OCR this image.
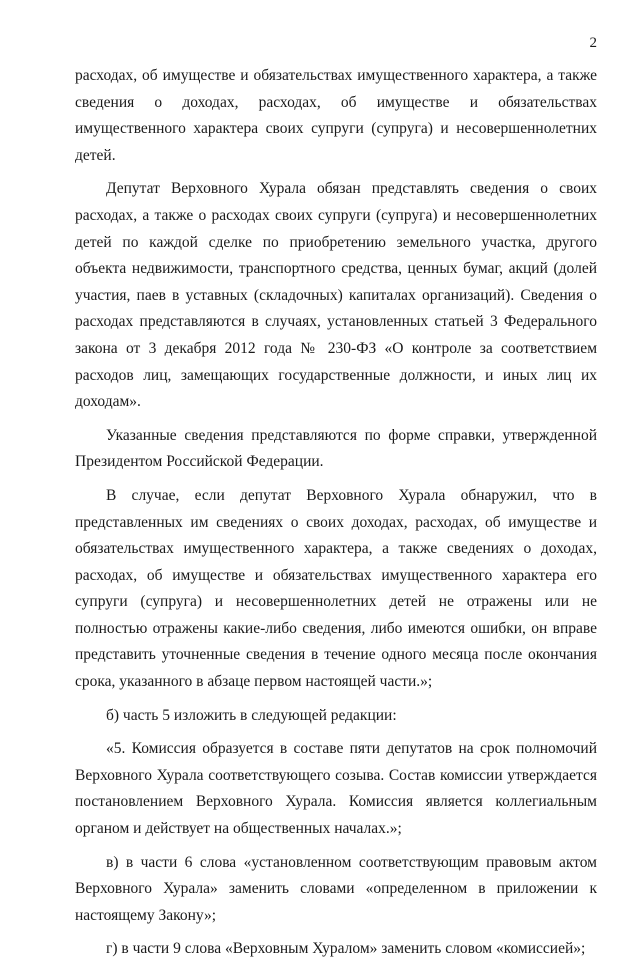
2

расходах, об имуществе и обязательствах имущественного характера, а также сведения о доходах, расходах, об имуществе и обязательствах имущественного характера своих супруги (супруга) и несовершеннолетних детей.

Депутат Верховного Хурала обязан представлять сведения о своих расходах, а также о расходах своих супруги (супруга) и несовершеннолетних детей по каждой сделке по приобретению земельного участка, другого объекта недвижимости, транспортного средства, ценных бумаг, акций (долей участия, паев в уставных (складочных) капиталах организаций). Сведения о расходах представляются в случаях, установленных статьей 3 Федерального закона от 3 декабря 2012 года № 230-ФЗ «О контроле за соответствием расходов лиц, замещающих государственные должности, и иных лиц их доходам».

Указанные сведения представляются по форме справки, утвержденной Президентом Российской Федерации.

В случае, если депутат Верховного Хурала обнаружил, что в представленных им сведениях о своих доходах, расходах, об имуществе и обязательствах имущественного характера, а также сведениях о доходах, расходах, об имуществе и обязательствах имущественного характера его супруги (супруга) и несовершеннолетних детей не отражены или не полностью отражены какие-либо сведения, либо имеются ошибки, он вправе представить уточненные сведения в течение одного месяца после окончания срока, указанного в абзаце первом настоящей части.»;

б) часть 5 изложить в следующей редакции:

«5. Комиссия образуется в составе пяти депутатов на срок полномочий Верховного Хурала соответствующего созыва. Состав комиссии утверждается постановлением Верховного Хурала. Комиссия является коллегиальным органом и действует на общественных началах.»;

в) в части 6 слова «установленном соответствующим правовым актом Верховного Хурала» заменить словами «определенном в приложении к настоящему Закону»;

г) в части 9 слова «Верховным Хуралом» заменить словом «комиссией»;
